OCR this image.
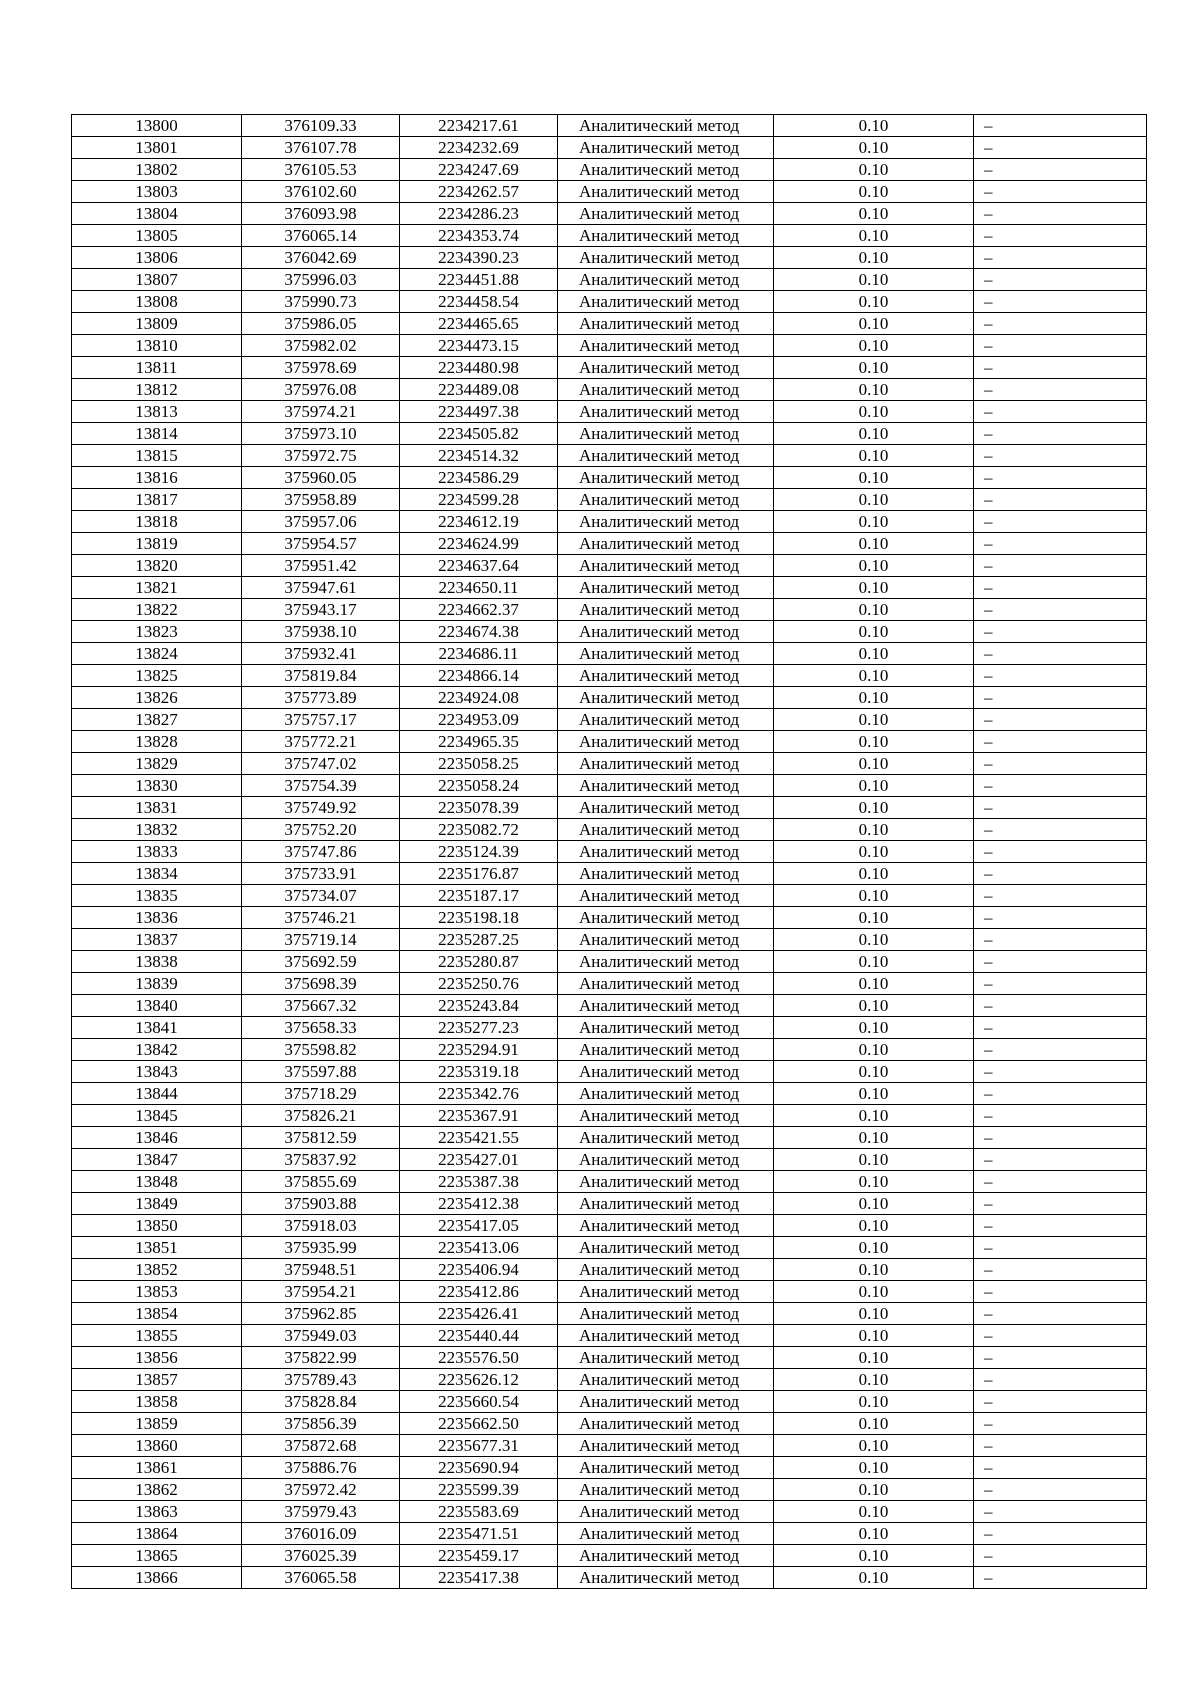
13800	376109.33	2234217.61	Аналитический метод	0.10	–
13801	376107.78	2234232.69	Аналитический метод	0.10	–
13802	376105.53	2234247.69	Аналитический метод	0.10	–
13803	376102.60	2234262.57	Аналитический метод	0.10	–
13804	376093.98	2234286.23	Аналитический метод	0.10	–
13805	376065.14	2234353.74	Аналитический метод	0.10	–
13806	376042.69	2234390.23	Аналитический метод	0.10	–
13807	375996.03	2234451.88	Аналитический метод	0.10	–
13808	375990.73	2234458.54	Аналитический метод	0.10	–
13809	375986.05	2234465.65	Аналитический метод	0.10	–
13810	375982.02	2234473.15	Аналитический метод	0.10	–
13811	375978.69	2234480.98	Аналитический метод	0.10	–
13812	375976.08	2234489.08	Аналитический метод	0.10	–
13813	375974.21	2234497.38	Аналитический метод	0.10	–
13814	375973.10	2234505.82	Аналитический метод	0.10	–
13815	375972.75	2234514.32	Аналитический метод	0.10	–
13816	375960.05	2234586.29	Аналитический метод	0.10	–
13817	375958.89	2234599.28	Аналитический метод	0.10	–
13818	375957.06	2234612.19	Аналитический метод	0.10	–
13819	375954.57	2234624.99	Аналитический метод	0.10	–
13820	375951.42	2234637.64	Аналитический метод	0.10	–
13821	375947.61	2234650.11	Аналитический метод	0.10	–
13822	375943.17	2234662.37	Аналитический метод	0.10	–
13823	375938.10	2234674.38	Аналитический метод	0.10	–
13824	375932.41	2234686.11	Аналитический метод	0.10	–
13825	375819.84	2234866.14	Аналитический метод	0.10	–
13826	375773.89	2234924.08	Аналитический метод	0.10	–
13827	375757.17	2234953.09	Аналитический метод	0.10	–
13828	375772.21	2234965.35	Аналитический метод	0.10	–
13829	375747.02	2235058.25	Аналитический метод	0.10	–
13830	375754.39	2235058.24	Аналитический метод	0.10	–
13831	375749.92	2235078.39	Аналитический метод	0.10	–
13832	375752.20	2235082.72	Аналитический метод	0.10	–
13833	375747.86	2235124.39	Аналитический метод	0.10	–
13834	375733.91	2235176.87	Аналитический метод	0.10	–
13835	375734.07	2235187.17	Аналитический метод	0.10	–
13836	375746.21	2235198.18	Аналитический метод	0.10	–
13837	375719.14	2235287.25	Аналитический метод	0.10	–
13838	375692.59	2235280.87	Аналитический метод	0.10	–
13839	375698.39	2235250.76	Аналитический метод	0.10	–
13840	375667.32	2235243.84	Аналитический метод	0.10	–
13841	375658.33	2235277.23	Аналитический метод	0.10	–
13842	375598.82	2235294.91	Аналитический метод	0.10	–
13843	375597.88	2235319.18	Аналитический метод	0.10	–
13844	375718.29	2235342.76	Аналитический метод	0.10	–
13845	375826.21	2235367.91	Аналитический метод	0.10	–
13846	375812.59	2235421.55	Аналитический метод	0.10	–
13847	375837.92	2235427.01	Аналитический метод	0.10	–
13848	375855.69	2235387.38	Аналитический метод	0.10	–
13849	375903.88	2235412.38	Аналитический метод	0.10	–
13850	375918.03	2235417.05	Аналитический метод	0.10	–
13851	375935.99	2235413.06	Аналитический метод	0.10	–
13852	375948.51	2235406.94	Аналитический метод	0.10	–
13853	375954.21	2235412.86	Аналитический метод	0.10	–
13854	375962.85	2235426.41	Аналитический метод	0.10	–
13855	375949.03	2235440.44	Аналитический метод	0.10	–
13856	375822.99	2235576.50	Аналитический метод	0.10	–
13857	375789.43	2235626.12	Аналитический метод	0.10	–
13858	375828.84	2235660.54	Аналитический метод	0.10	–
13859	375856.39	2235662.50	Аналитический метод	0.10	–
13860	375872.68	2235677.31	Аналитический метод	0.10	–
13861	375886.76	2235690.94	Аналитический метод	0.10	–
13862	375972.42	2235599.39	Аналитический метод	0.10	–
13863	375979.43	2235583.69	Аналитический метод	0.10	–
13864	376016.09	2235471.51	Аналитический метод	0.10	–
13865	376025.39	2235459.17	Аналитический метод	0.10	–
13866	376065.58	2235417.38	Аналитический метод	0.10	–
